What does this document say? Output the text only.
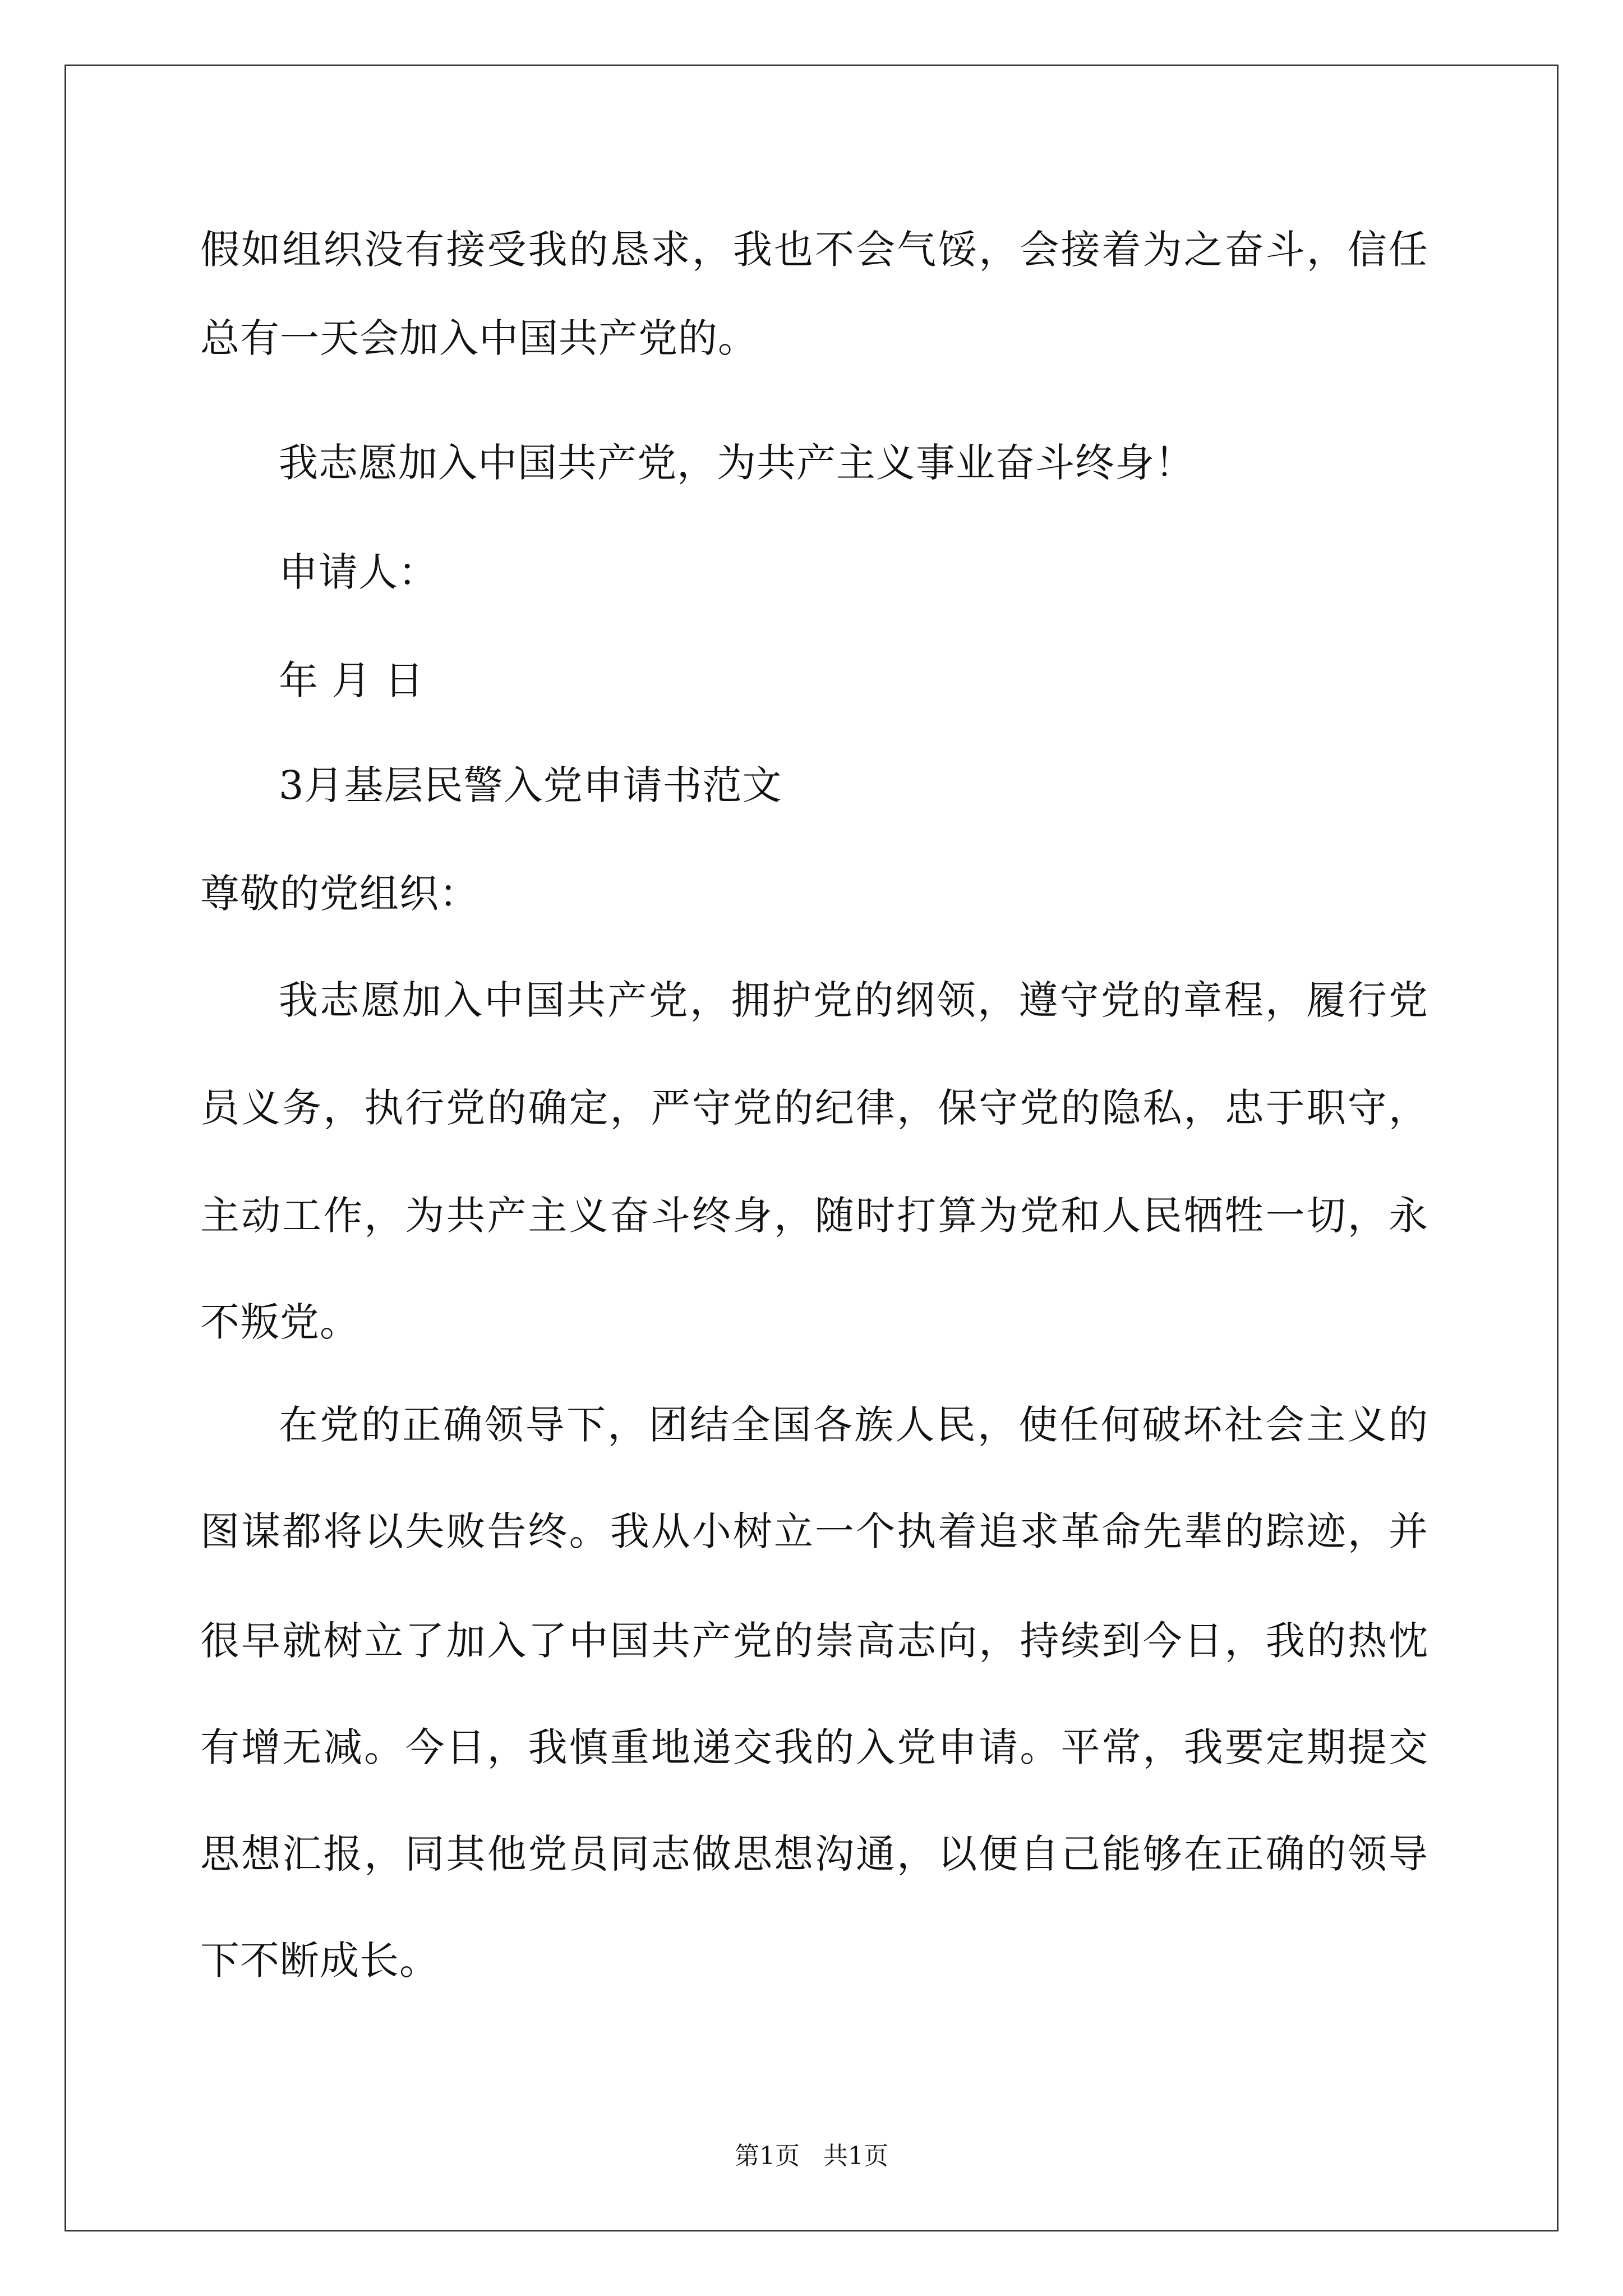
假如组织没有接受我的恳求，我也不会气馁，会接着为之奋斗，信任
总有一天会加入中国共产党的。
我志愿加入中国共产党，为共产主义事业奋斗终身！
申请人：
年 月 日
3月基层民警入党申请书范文
尊敬的党组织：
我志愿加入中国共产党，拥护党的纲领，遵守党的章程，履行党
员义务，执行党的确定，严守党的纪律，保守党的隐私，忠于职守，
主动工作，为共产主义奋斗终身，随时打算为党和人民牺牲一切，永
不叛党。
在党的正确领导下，团结全国各族人民，使任何破坏社会主义的
图谋都将以失败告终。我从小树立一个执着追求革命先辈的踪迹，并
很早就树立了加入了中国共产党的崇高志向，持续到今日，我的热忱
有增无减。今日，我慎重地递交我的入党申请。平常，我要定期提交
思想汇报，同其他党员同志做思想沟通，以便自己能够在正确的领导
下不断成长。
第1页   共1页
